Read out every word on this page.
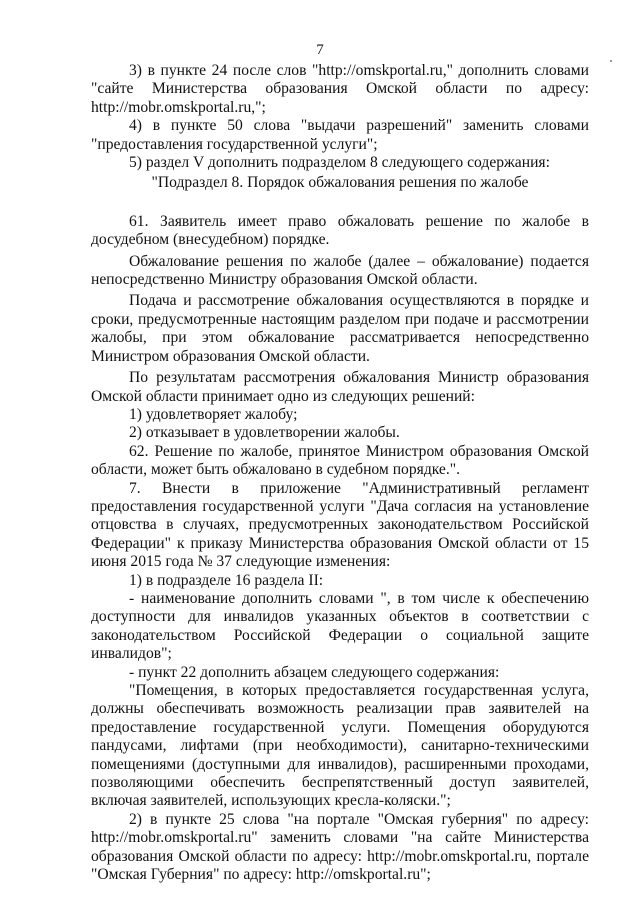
7

3) в пункте 24 после слов "http://omskportal.ru," дополнить словами "сайте Министерства образования Омской области по адресу: http://mobr.omskportal.ru,";

4) в пункте 50 слова "выдачи разрешений" заменить словами "предоставления государственной услуги";

5) раздел V дополнить подразделом 8 следующего содержания:

"Подраздел 8. Порядок обжалования решения по жалобе

61. Заявитель имеет право обжаловать решение по жалобе в досудебном (внесудебном) порядке.

Обжалование решения по жалобе (далее – обжалование) подается непосредственно Министру образования Омской области.

Подача и рассмотрение обжалования осуществляются в порядке и сроки, предусмотренные настоящим разделом при подаче и рассмотрении жалобы, при этом обжалование рассматривается непосредственно Министром образования Омской области.

По результатам рассмотрения обжалования Министр образования Омской области принимает одно из следующих решений:

1) удовлетворяет жалобу;

2) отказывает в удовлетворении жалобы.

62. Решение по жалобе, принятое Министром образования Омской области, может быть обжаловано в судебном порядке.".

7. Внести в приложение "Административный регламент предоставления государственной услуги "Дача согласия на установление отцовства в случаях, предусмотренных законодательством Российской Федерации" к приказу Министерства образования Омской области от 15 июня 2015 года № 37 следующие изменения:

1) в подразделе 16 раздела II:

- наименование дополнить словами ", в том числе к обеспечению доступности для инвалидов указанных объектов в соответствии с законодательством Российской Федерации о социальной защите инвалидов";

- пункт 22 дополнить абзацем следующего содержания:

"Помещения, в которых предоставляется государственная услуга, должны обеспечивать возможность реализации прав заявителей на предоставление государственной услуги. Помещения оборудуются пандусами, лифтами (при необходимости), санитарно-техническими помещениями (доступными для инвалидов), расширенными проходами, позволяющими обеспечить беспрепятственный доступ заявителей, включая заявителей, использующих кресла-коляски.";

2) в пункте 25 слова "на портале "Омская губерния" по адресу: http://mobr.omskportal.ru" заменить словами "на сайте Министерства образования Омской области по адресу: http://mobr.omskportal.ru, портале "Омская Губерния" по адресу: http://omskportal.ru";
